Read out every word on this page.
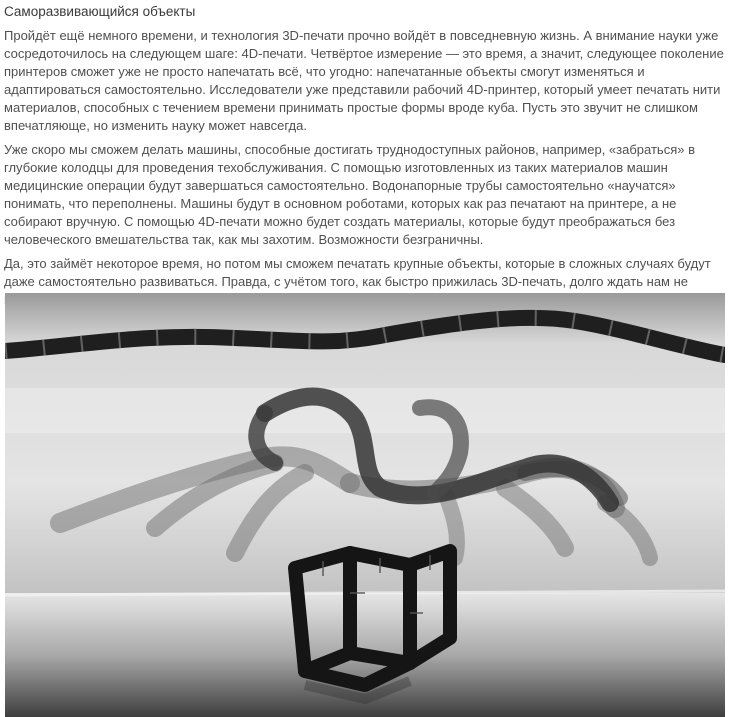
Саморазвивающийся объекты

Пройдёт ещё немного времени, и технология 3D-печати прочно войдёт в повседневную жизнь. А внимание науки уже сосредоточилось на следующем шаге: 4D-печати. Четвёртое измерение — это время, а значит, следующее поколение принтеров сможет уже не просто напечатать всё, что угодно: напечатанные объекты смогут изменяться и адаптироваться самостоятельно. Исследователи уже представили рабочий 4D-принтер, который умеет печатать нити материалов, способных с течением времени принимать простые формы вроде куба. Пусть это звучит не слишком впечатляюще, но изменить науку может навсегда.

Уже скоро мы сможем делать машины, способные достигать труднодоступных районов, например, «забраться» в глубокие колодцы для проведения техобслуживания. С помощью изготовленных из таких материалов машин медицинские операции будут завершаться самостоятельно. Водонапорные трубы самостоятельно «научатся» понимать, что переполнены. Машины будут в основном роботами, которых как раз печатают на принтере, а не собирают вручную. С помощью 4D-печати можно будет создать материалы, которые будут преображаться без человеческого вмешательства так, как мы захотим. Возможности безграничны.

Да, это займёт некоторое время, но потом мы сможем печатать крупные объекты, которые в сложных случаях будут даже самостоятельно развиваться. Правда, с учётом того, как быстро прижилась 3D-печать, долго ждать нам не
